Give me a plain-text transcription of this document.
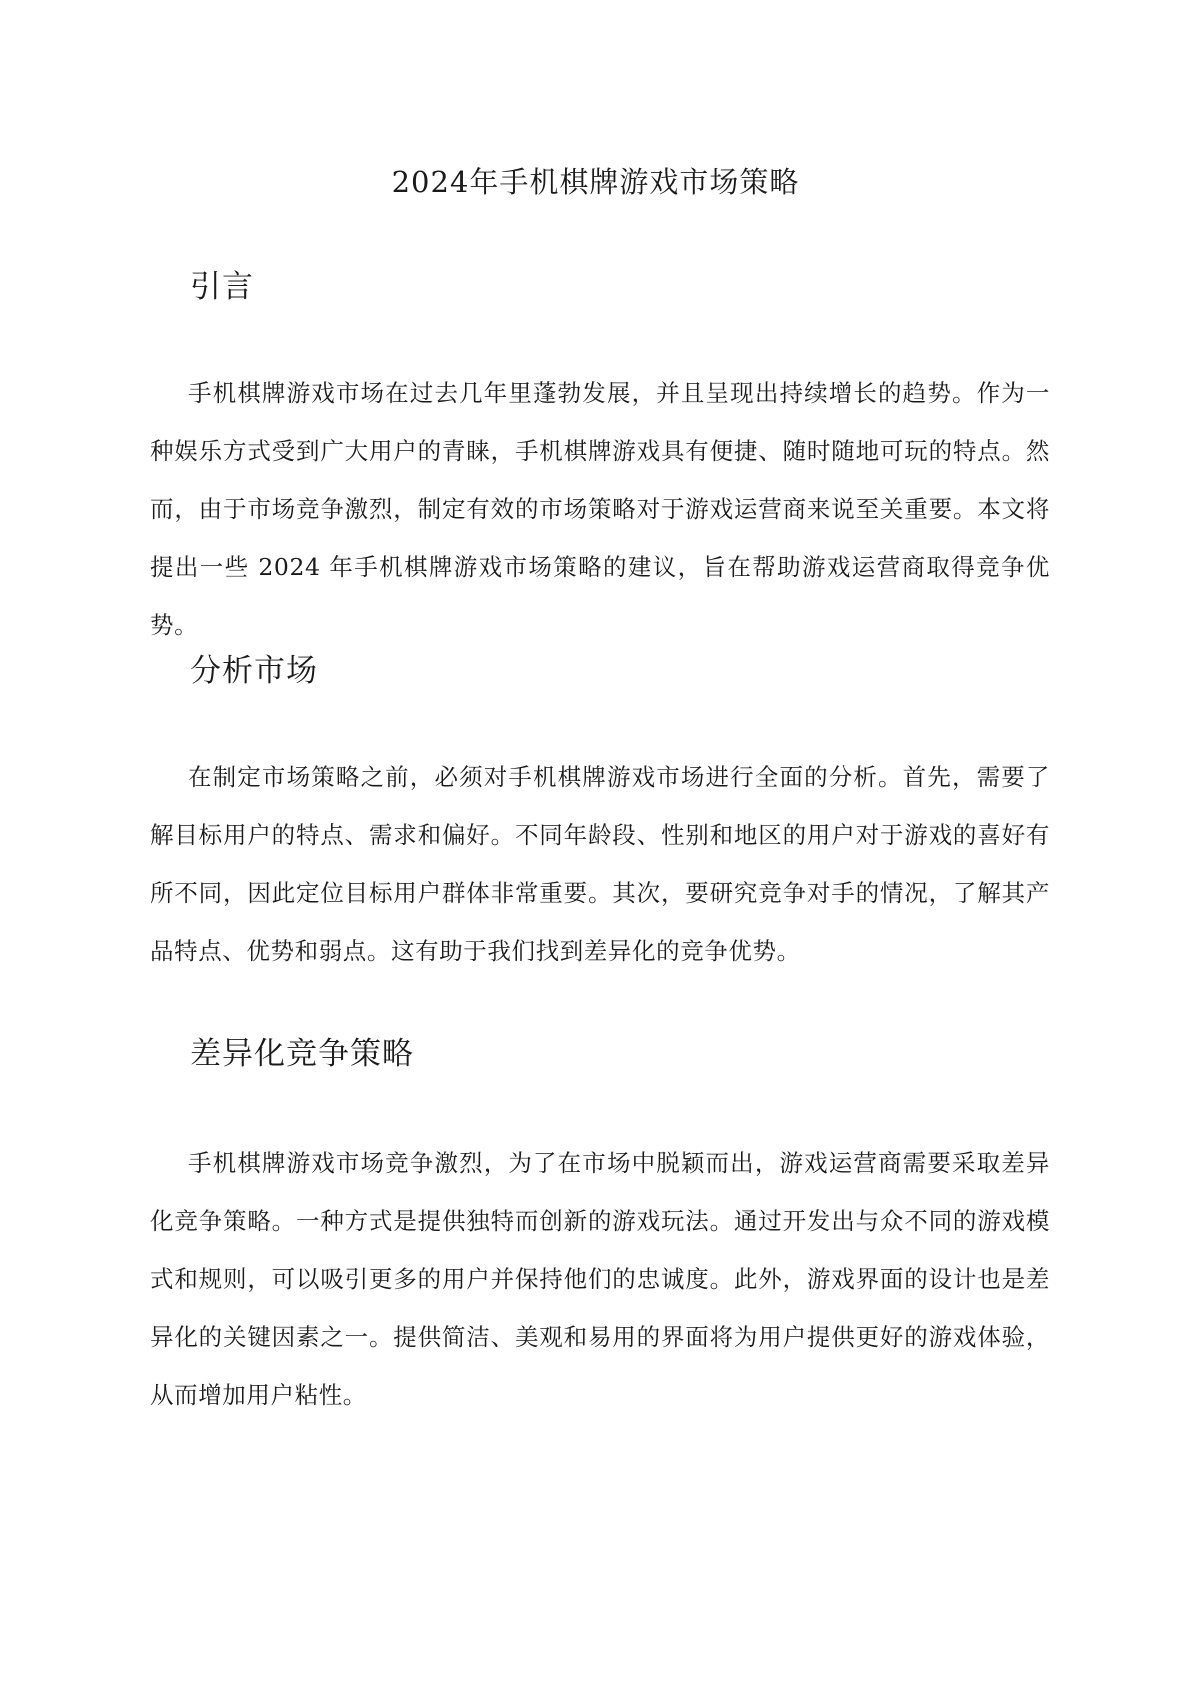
2024年手机棋牌游戏市场策略
引言
手机棋牌游戏市场在过去几年里蓬勃发展，并且呈现出持续增长的趋势。作为一种娱乐方式受到广大用户的青睐，手机棋牌游戏具有便捷、随时随地可玩的特点。然而，由于市场竞争激烈，制定有效的市场策略对于游戏运营商来说至关重要。本文将提出一些 2024 年手机棋牌游戏市场策略的建议，旨在帮助游戏运营商取得竞争优势。
分析市场
在制定市场策略之前，必须对手机棋牌游戏市场进行全面的分析。首先，需要了解目标用户的特点、需求和偏好。不同年龄段、性别和地区的用户对于游戏的喜好有所不同，因此定位目标用户群体非常重要。其次，要研究竞争对手的情况，了解其产品特点、优势和弱点。这有助于我们找到差异化的竞争优势。
差异化竞争策略
手机棋牌游戏市场竞争激烈，为了在市场中脱颖而出，游戏运营商需要采取差异化竞争策略。一种方式是提供独特而创新的游戏玩法。通过开发出与众不同的游戏模式和规则，可以吸引更多的用户并保持他们的忠诚度。此外，游戏界面的设计也是差异化的关键因素之一。提供简洁、美观和易用的界面将为用户提供更好的游戏体验，从而增加用户粘性。
